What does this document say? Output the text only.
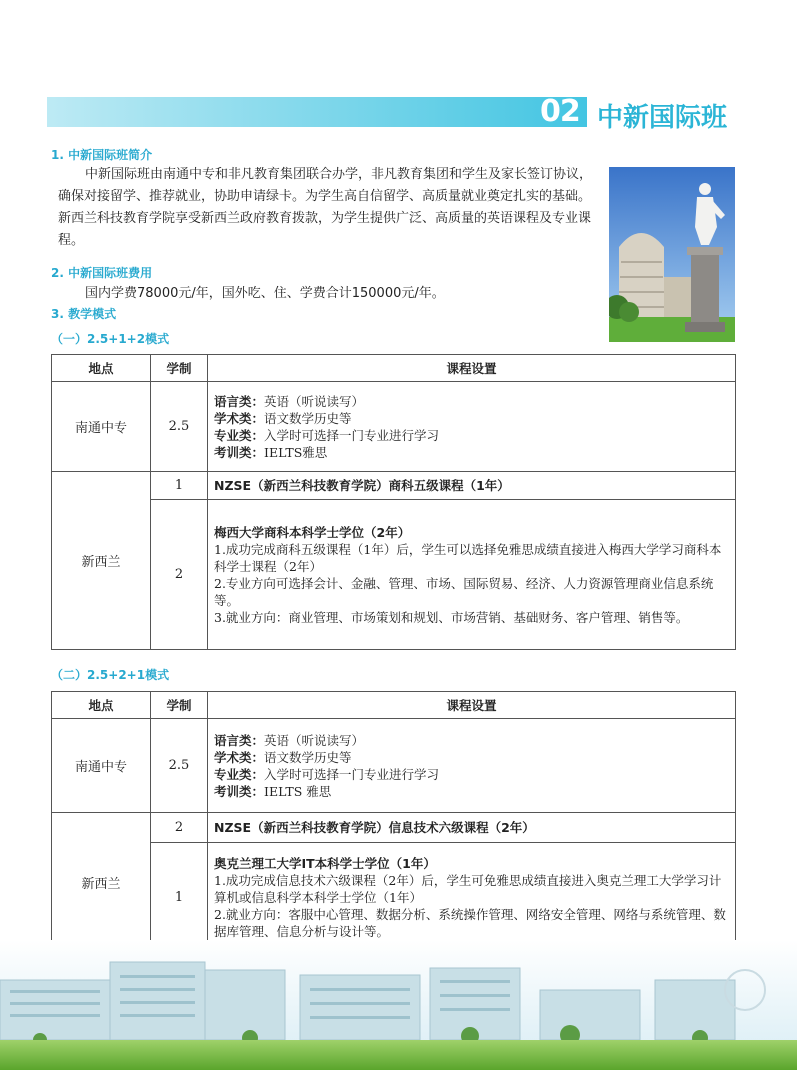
02 中新国际班
1. 中新国际班简介
中新国际班由南通中专和非凡教育集团联合办学，非凡教育集团和学生及家长签订协议，确保对接留学、推荐就业，协助申请绿卡。为学生高自信留学、高质量就业奠定扎实的基础。新西兰科技教育学院享受新西兰政府教育拨款，为学生提供广泛、高质量的英语课程及专业课程。
2. 中新国际班费用
国内学费78000元/年，国外吃、住、学费合计150000元/年。
3. 教学模式
（一）2.5+1+2模式
地点	学制	课程设置
南通中专	2.5	语言类：英语（听说读写）
学术类：语文数学历史等
专业类：入学时可选择一门专业进行学习
考训类：IELTS雅思

新西兰	1	NZSE（新西兰科技教育学院）商科五级课程（1年）
	2	梅西大学商科本科学士学位（2年）
1.成功完成商科五级课程（1年）后，学生可以选择免雅思成绩直接进入梅西大学学习商科本科学士课程（2年）
2.专业方向可选择会计、金融、管理、市场、国际贸易、经济、人力资源管理商业信息系统等。
3.就业方向：商业管理、市场策划和规划、市场营销、基础财务、客户管理、销售等。
（二）2.5+2+1模式
地点	学制	课程设置
南通中专	2.5	语言类：英语（听说读写）
学术类：语文数学历史等
专业类：入学时可选择一门专业进行学习
考训类：IELTS 雅思

新西兰	2	NZSE（新西兰科技教育学院）信息技术六级课程（2年）
	1	奥克兰理工大学IT本科学士学位（1年）
1.成功完成信息技术六级课程（2年）后，学生可免雅思成绩直接进入奥克兰理工大学学习计算机或信息科学本科学士学位（1年）
2.就业方向：客服中心管理、数据分析、系统操作管理、网络安全管理、网络与系统管理、数据库管理、信息分析与设计等。
